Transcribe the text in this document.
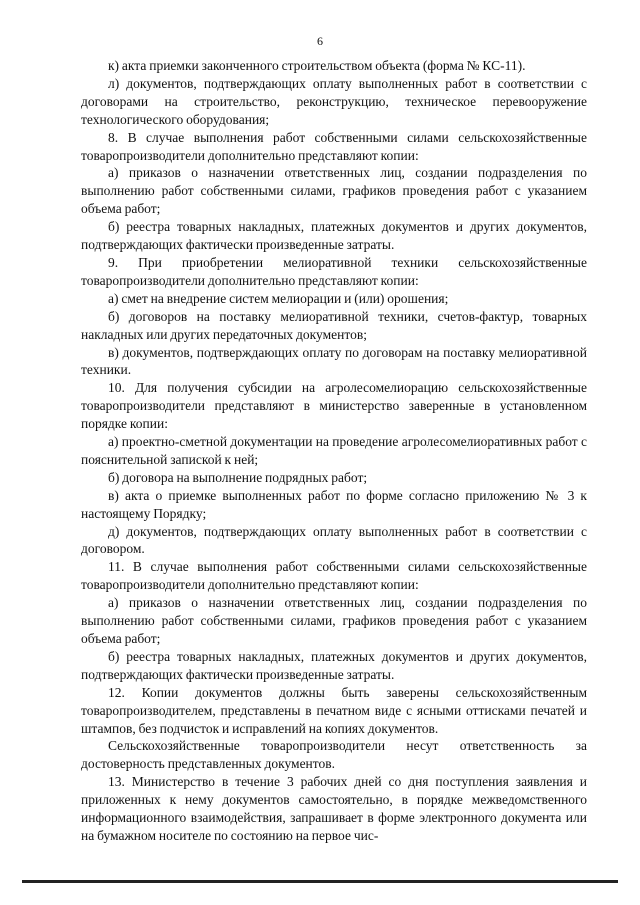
6

к) акта приемки законченного строительством объекта (форма № КС-11).

л) документов, подтверждающих оплату выполненных работ в соответствии с договорами на строительство, реконструкцию, техническое перевооружение технологического оборудования;

8. В случае выполнения работ собственными силами сельскохозяйственные товаропроизводители дополнительно представляют копии:

а) приказов о назначении ответственных лиц, создании подразделения по выполнению работ собственными силами, графиков проведения работ с указанием объема работ;

б) реестра товарных накладных, платежных документов и других документов, подтверждающих фактически произведенные затраты.

9. При приобретении мелиоративной техники сельскохозяйственные товаропроизводители дополнительно представляют копии:

а) смет на внедрение систем мелиорации и (или) орошения;

б) договоров на поставку мелиоративной техники, счетов-фактур, товарных накладных или других передаточных документов;

в) документов, подтверждающих оплату по договорам на поставку мелиоративной техники.

10. Для получения субсидии на агролесомелиорацию сельскохозяйственные товаропроизводители представляют в министерство заверенные в установленном порядке копии:

а) проектно-сметной документации на проведение агролесомелиоративных работ с пояснительной запиской к ней;

б) договора на выполнение подрядных работ;

в) акта о приемке выполненных работ по форме согласно приложению № 3 к настоящему Порядку;

д) документов, подтверждающих оплату выполненных работ в соответствии с договором.

11. В случае выполнения работ собственными силами сельскохозяйственные товаропроизводители дополнительно представляют копии:

а) приказов о назначении ответственных лиц, создании подразделения по выполнению работ собственными силами, графиков проведения работ с указанием объема работ;

б) реестра товарных накладных, платежных документов и других документов, подтверждающих фактически произведенные затраты.

12. Копии документов должны быть заверены сельскохозяйственным товаропроизводителем, представлены в печатном виде с ясными оттисками печатей и штампов, без подчисток и исправлений на копиях документов.

Сельскохозяйственные товаропроизводители несут ответственность за достоверность представленных документов.

13. Министерство в течение 3 рабочих дней со дня поступления заявления и приложенных к нему документов самостоятельно, в порядке межведомственного информационного взаимодействия, запрашивает в форме электронного документа или на бумажном носителе по состоянию на первое чис-
